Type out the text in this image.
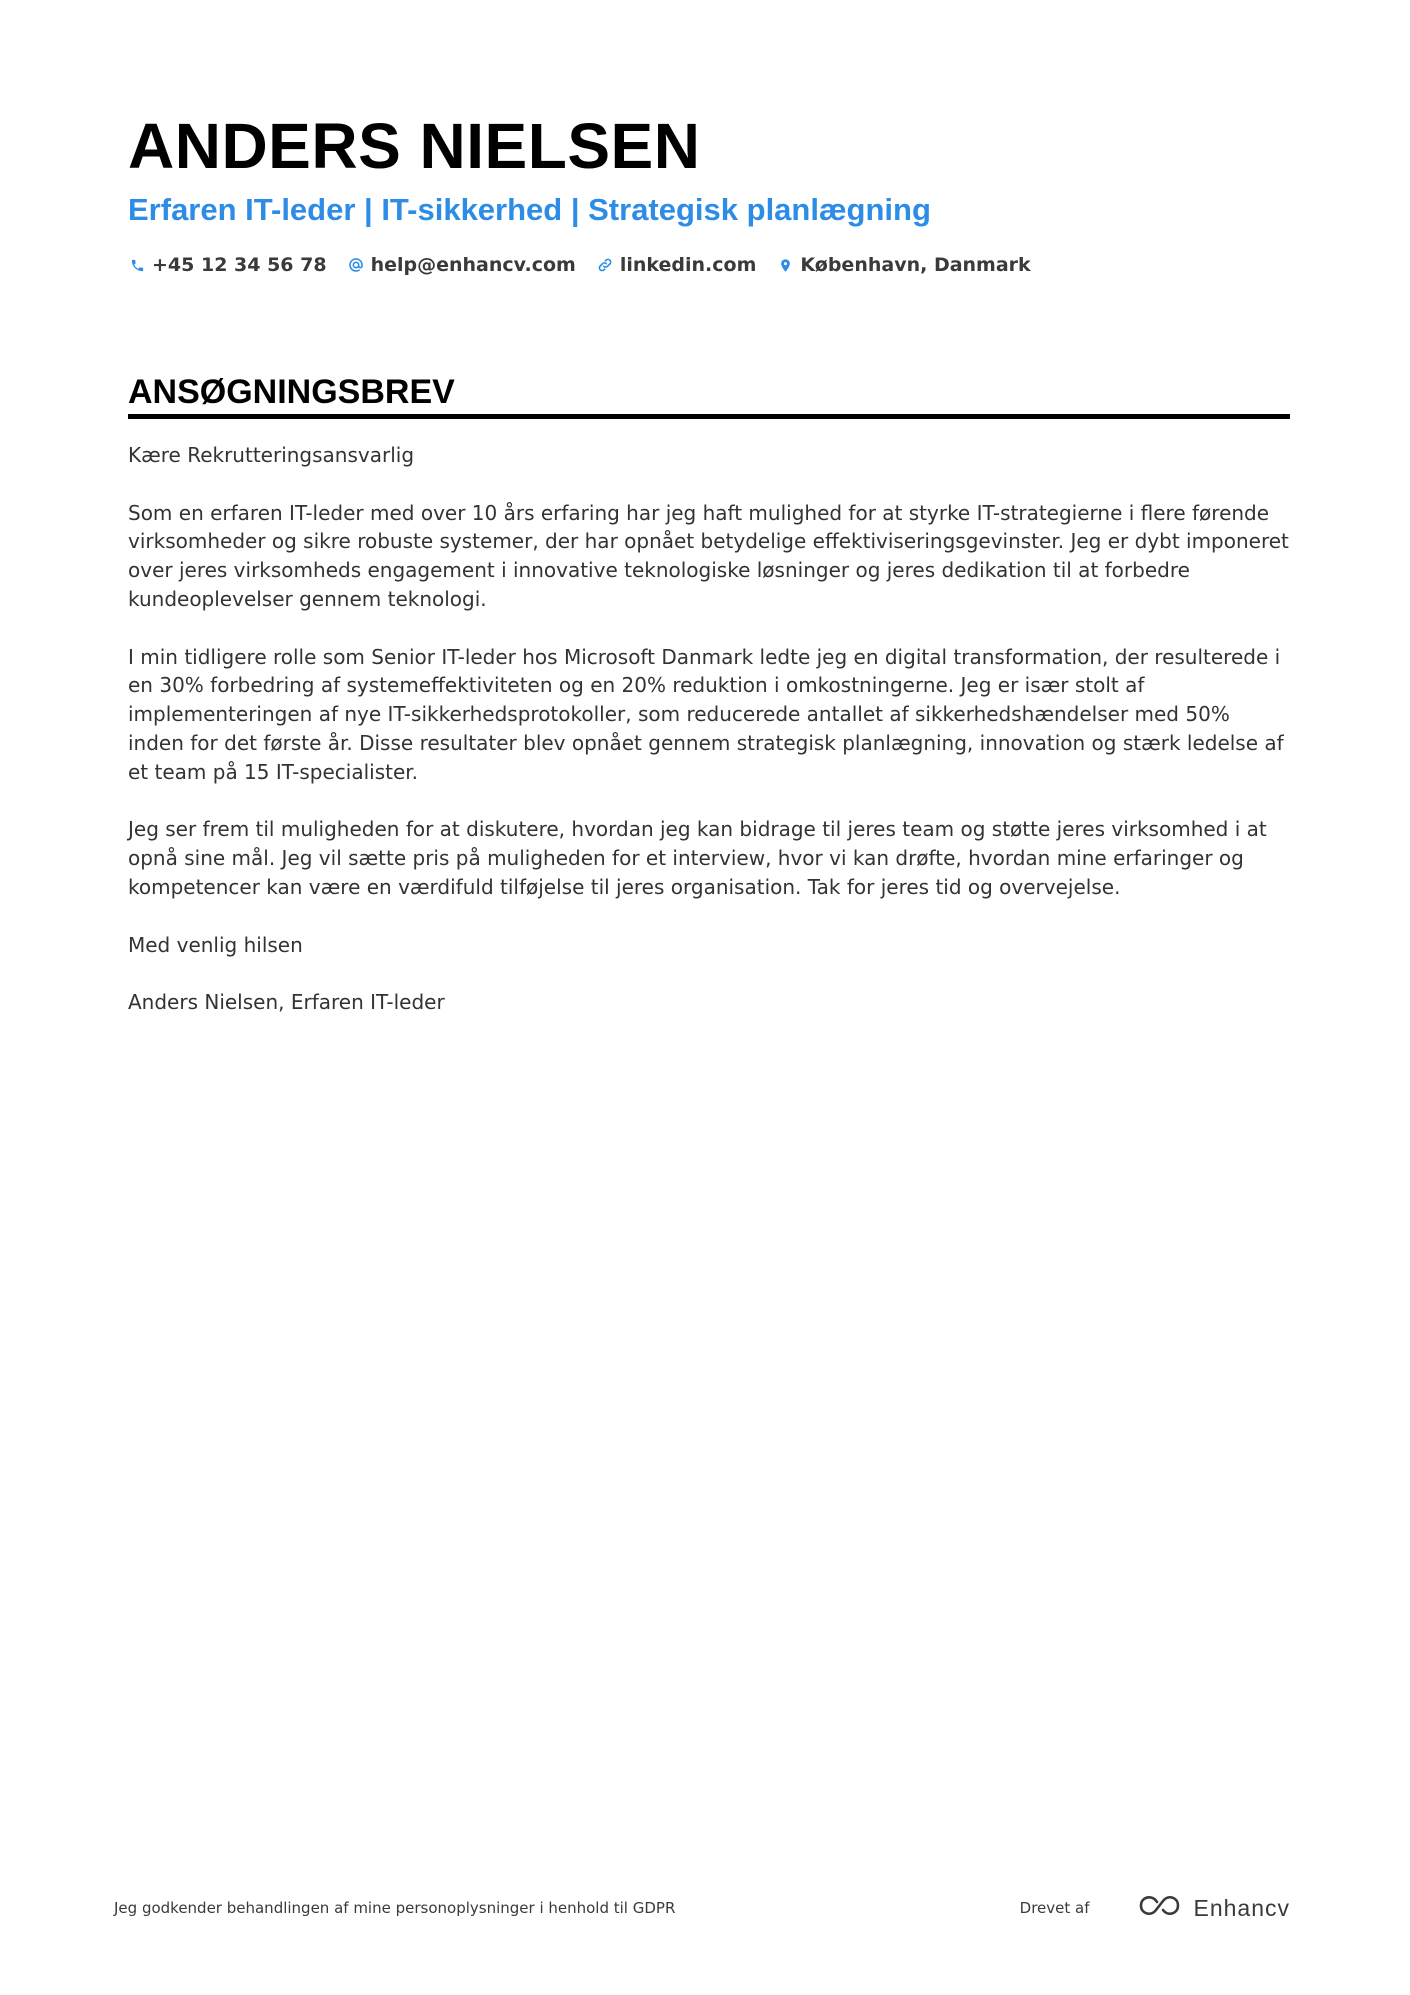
ANDERS NIELSEN
Erfaren IT-leder | IT-sikkerhed | Strategisk planlægning
+45 12 34 56 78 help@enhancv.com linkedin.com København, Danmark
ANSØGNINGSBREV

Kære Rekrutteringsansvarlig

Som en erfaren IT-leder med over 10 års erfaring har jeg haft mulighed for at styrke IT-strategierne i flere førende virksomheder og sikre robuste systemer, der har opnået betydelige effektiviseringsgevinster. Jeg er dybt imponeret over jeres virksomheds engagement i innovative teknologiske løsninger og jeres dedikation til at forbedre kundeoplevelser gennem teknologi.

I min tidligere rolle som Senior IT-leder hos Microsoft Danmark ledte jeg en digital transformation, der resulterede i en 30% forbedring af systemeffektiviteten og en 20% reduktion i omkostningerne. Jeg er især stolt af implementeringen af nye IT-sikkerhedsprotokoller, som reducerede antallet af sikkerhedshændelser med 50% inden for det første år. Disse resultater blev opnået gennem strategisk planlægning, innovation og stærk ledelse af et team på 15 IT-specialister.

Jeg ser frem til muligheden for at diskutere, hvordan jeg kan bidrage til jeres team og støtte jeres virksomhed i at opnå sine mål. Jeg vil sætte pris på muligheden for et interview, hvor vi kan drøfte, hvordan mine erfaringer og kompetencer kan være en værdifuld tilføjelse til jeres organisation. Tak for jeres tid og overvejelse.

Med venlig hilsen

Anders Nielsen, Erfaren IT-leder

Jeg godkender behandlingen af mine personoplysninger i henhold til GDPR	Drevet af	Enhancv
